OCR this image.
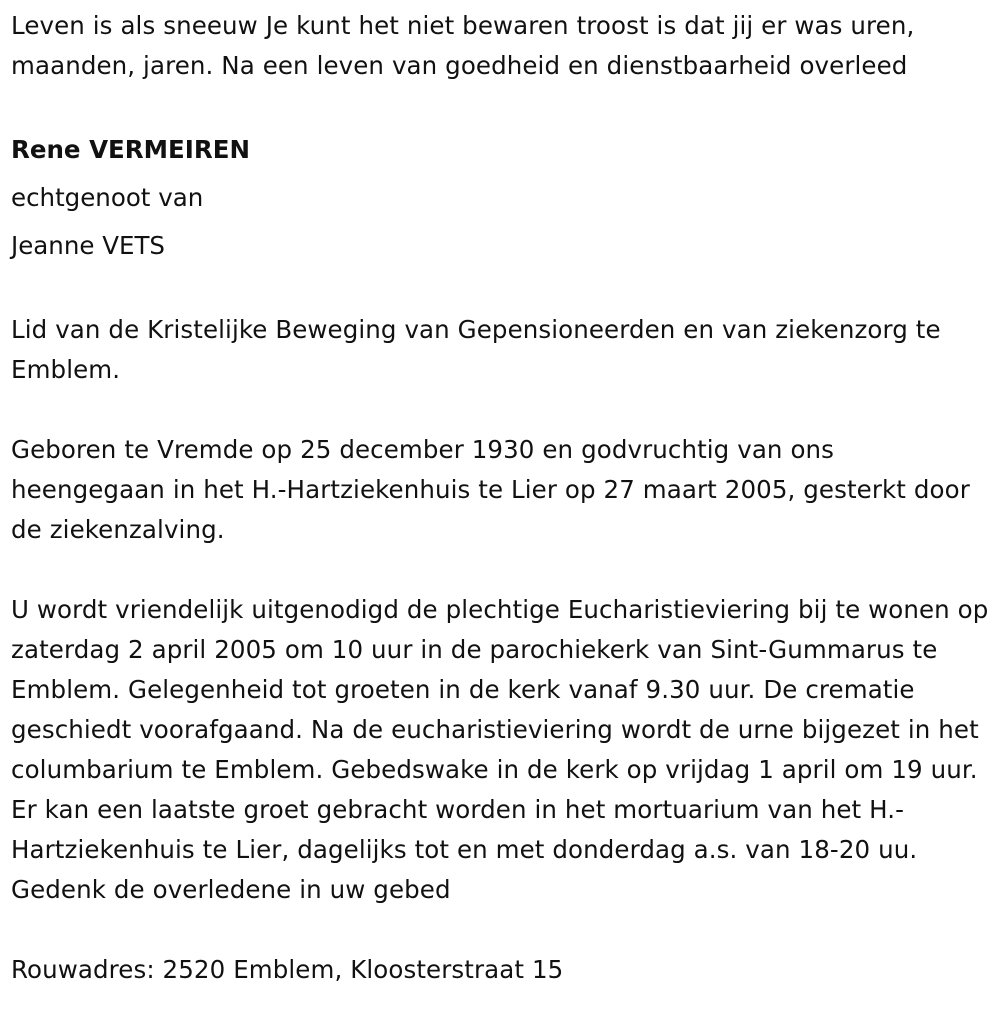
Leven is als sneeuw Je kunt het niet bewaren troost is dat jij er was uren, maanden, jaren. Na een leven van goedheid en dienstbaarheid overleed

Rene VERMEIREN
echtgenoot van
Jeanne VETS

Lid van de Kristelijke Beweging van Gepensioneerden en van ziekenzorg te Emblem.

Geboren te Vremde op 25 december 1930 en godvruchtig van ons heengegaan in het H.-Hartziekenhuis te Lier op 27 maart 2005, gesterkt door de ziekenzalving.

U wordt vriendelijk uitgenodigd de plechtige Eucharistieviering bij te wonen op zaterdag 2 april 2005 om 10 uur in de parochiekerk van Sint-Gummarus te Emblem. Gelegenheid tot groeten in de kerk vanaf 9.30 uur. De crematie geschiedt voorafgaand. Na de eucharistieviering wordt de urne bijgezet in het columbarium te Emblem. Gebedswake in de kerk op vrijdag 1 april om 19 uur. Er kan een laatste groet gebracht worden in het mortuarium van het H.-Hartziekenhuis te Lier, dagelijks tot en met donderdag a.s. van 18-20 uu. Gedenk de overledene in uw gebed

Rouwadres: 2520 Emblem, Kloosterstraat 15
